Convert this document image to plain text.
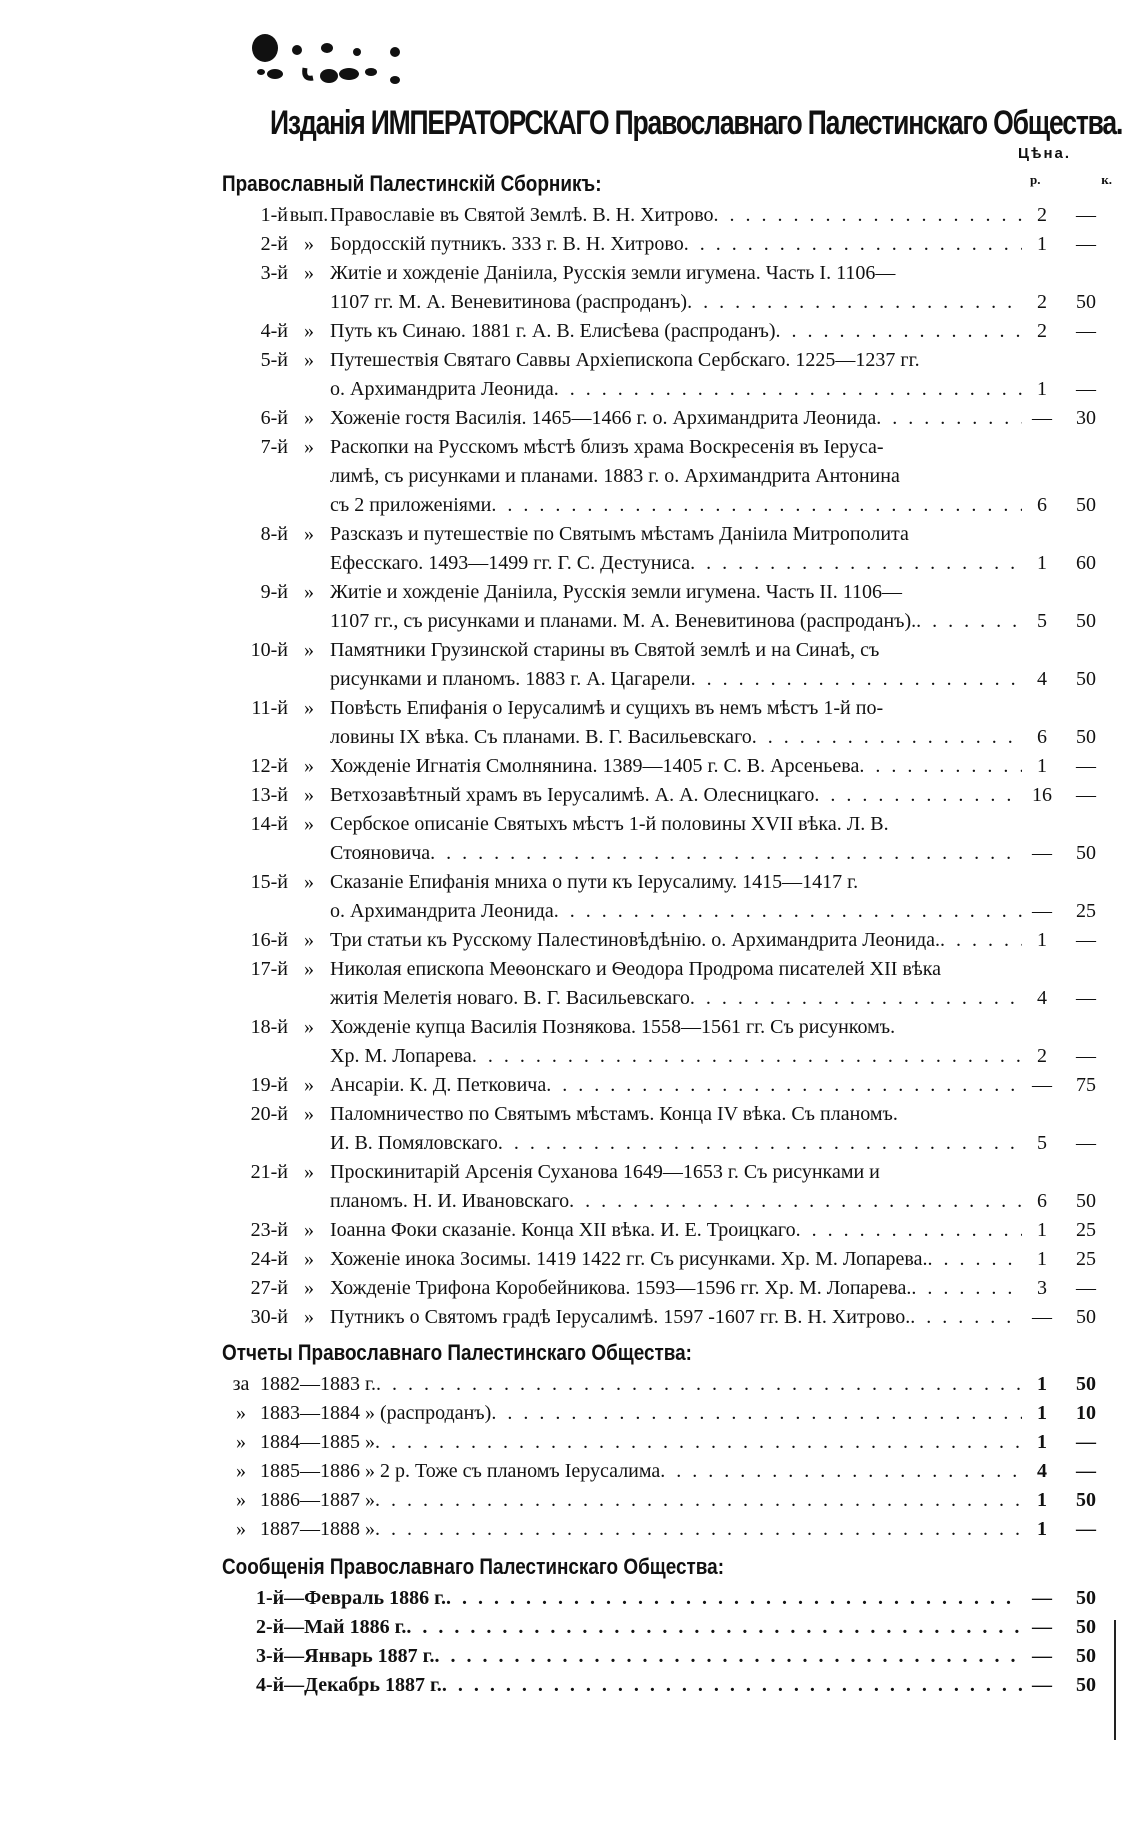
Изданія ИМПЕРАТОРСКАГО Православнаго Палестинскаго Общества.
Цѣна.
р.	к.
Православный Палестинскій Сборникъ:
1-й вып. Православіе въ Святой Землѣ. В. Н. Хитрово . . .	2	—
2-й » Бордосскій путникъ. 333 г. В. Н. Хитрово . . .	1	—
3-й » Житіе и хожденіе Даніила, Русскія земли игумена. Часть I. 1106—
1107 гг. М. А. Веневитинова (распроданъ) . . .	2	50
4-й » Путь къ Синаю. 1881 г. А. В. Елисѣева (распроданъ) . . .	2	—
5-й » Путешествія Святаго Саввы Архіепископа Сербскаго. 1225—1237 гг.
о. Архимандрита Леонида . . .	1	—
6-й » Хоженіе гостя Василія. 1465—1466 г. о. Архимандрита Леонида . . .	—	30
7-й » Раскопки на Русскомъ мѣстѣ близъ храма Воскресенія въ Іеруса-
лимѣ, съ рисунками и планами. 1883 г. о. Архимандрита Антонина
съ 2 приложеніями . . .	6	50
8-й » Разсказъ и путешествіе по Святымъ мѣстамъ Даніила Митрополита
Ефесскаго. 1493—1499 гг. Г. С. Дестуниса . . .	1	60
9-й » Житіе и хожденіе Даніила, Русскія земли игумена. Часть II. 1106—
1107 гг., съ рисунками и планами. М. А. Веневитинова (распроданъ). . . .	5	50
10-й » Памятники Грузинской старины въ Святой землѣ и на Синаѣ, съ
рисунками и планомъ. 1883 г. А. Цагарели . . .	4	50
11-й » Повѣсть Епифанія о Іерусалимѣ и сущихъ въ немъ мѣстъ 1-й по-
ловины IX вѣка. Съ планами. В. Г. Васильевскаго . . .	6	50
12-й » Хожденіе Игнатія Смолнянина. 1389—1405 г. С. В. Арсеньева . . .	1	—
13-й » Ветхозавѣтный храмъ въ Іерусалимѣ. А. А. Олесницкаго . . .	16	—
14-й » Сербское описаніе Святыхъ мѣстъ 1-й половины XVII вѣка. Л. В.
Стояновича . . .	—	50
15-й » Сказаніе Епифанія мниха о пути къ Іерусалиму. 1415—1417 г.
о. Архимандрита Леонида . . .	—	25
16-й » Три статьи къ Русскому Палестиновѣдѣнію. о. Архимандрита Леонида. . . .	1	—
17-й » Николая епископа Меѳонскаго и Ѳеодора Продрома писателей XII вѣка
житія Мелетія новаго. В. Г. Васильевскаго . . .	4	—
18-й » Хожденіе купца Василія Познякова. 1558—1561 гг. Съ рисункомъ.
Хр. М. Лопарева . . .	2	—
19-й » Ансаріи. К. Д. Петковича . . .	—	75
20-й » Паломничество по Святымъ мѣстамъ. Конца IV вѣка. Съ планомъ.
И. В. Помяловскаго . . .	5	—
21-й » Проскинитарій Арсенія Суханова 1649—1653 г. Съ рисунками и
планомъ. Н. И. Ивановскаго . . .	6	50
23-й » Іоанна Фоки сказаніе. Конца XII вѣка. И. Е. Троицкаго . . .	1	25
24-й » Хоженіе инока Зосимы. 1419 1422 гг. Съ рисунками. Хр. М. Лопарева. . . .	1	25
27-й » Хожденіе Трифона Коробейникова. 1593—1596 гг. Хр. М. Лопарева. . . .	3	—
30-й » Путникъ о Святомъ градѣ Іерусалимѣ. 1597 -1607 гг. В. Н. Хитрово. . . .	—	50
Отчеты Православнаго Палестинскаго Общества:
за 1882—1883 г. . . .	1	50
» 1883—1884 » (распроданъ) . . .	1	10
» 1884—1885 » . . .	1	—
» 1885—1886 » 2 р. Тоже съ планомъ Іерусалима . . .	4	—
» 1886—1887 » . . .	1	50
» 1887—1888 » . . .	1	—
Сообщенія Православнаго Палестинскаго Общества:
1-й—Февраль 1886 г. . . .	—	50
2-й—Май 1886 г. . . .	—	50
3-й—Январь 1887 г. . . .	—	50
4-й—Декабрь 1887 г. . . .	—	50
